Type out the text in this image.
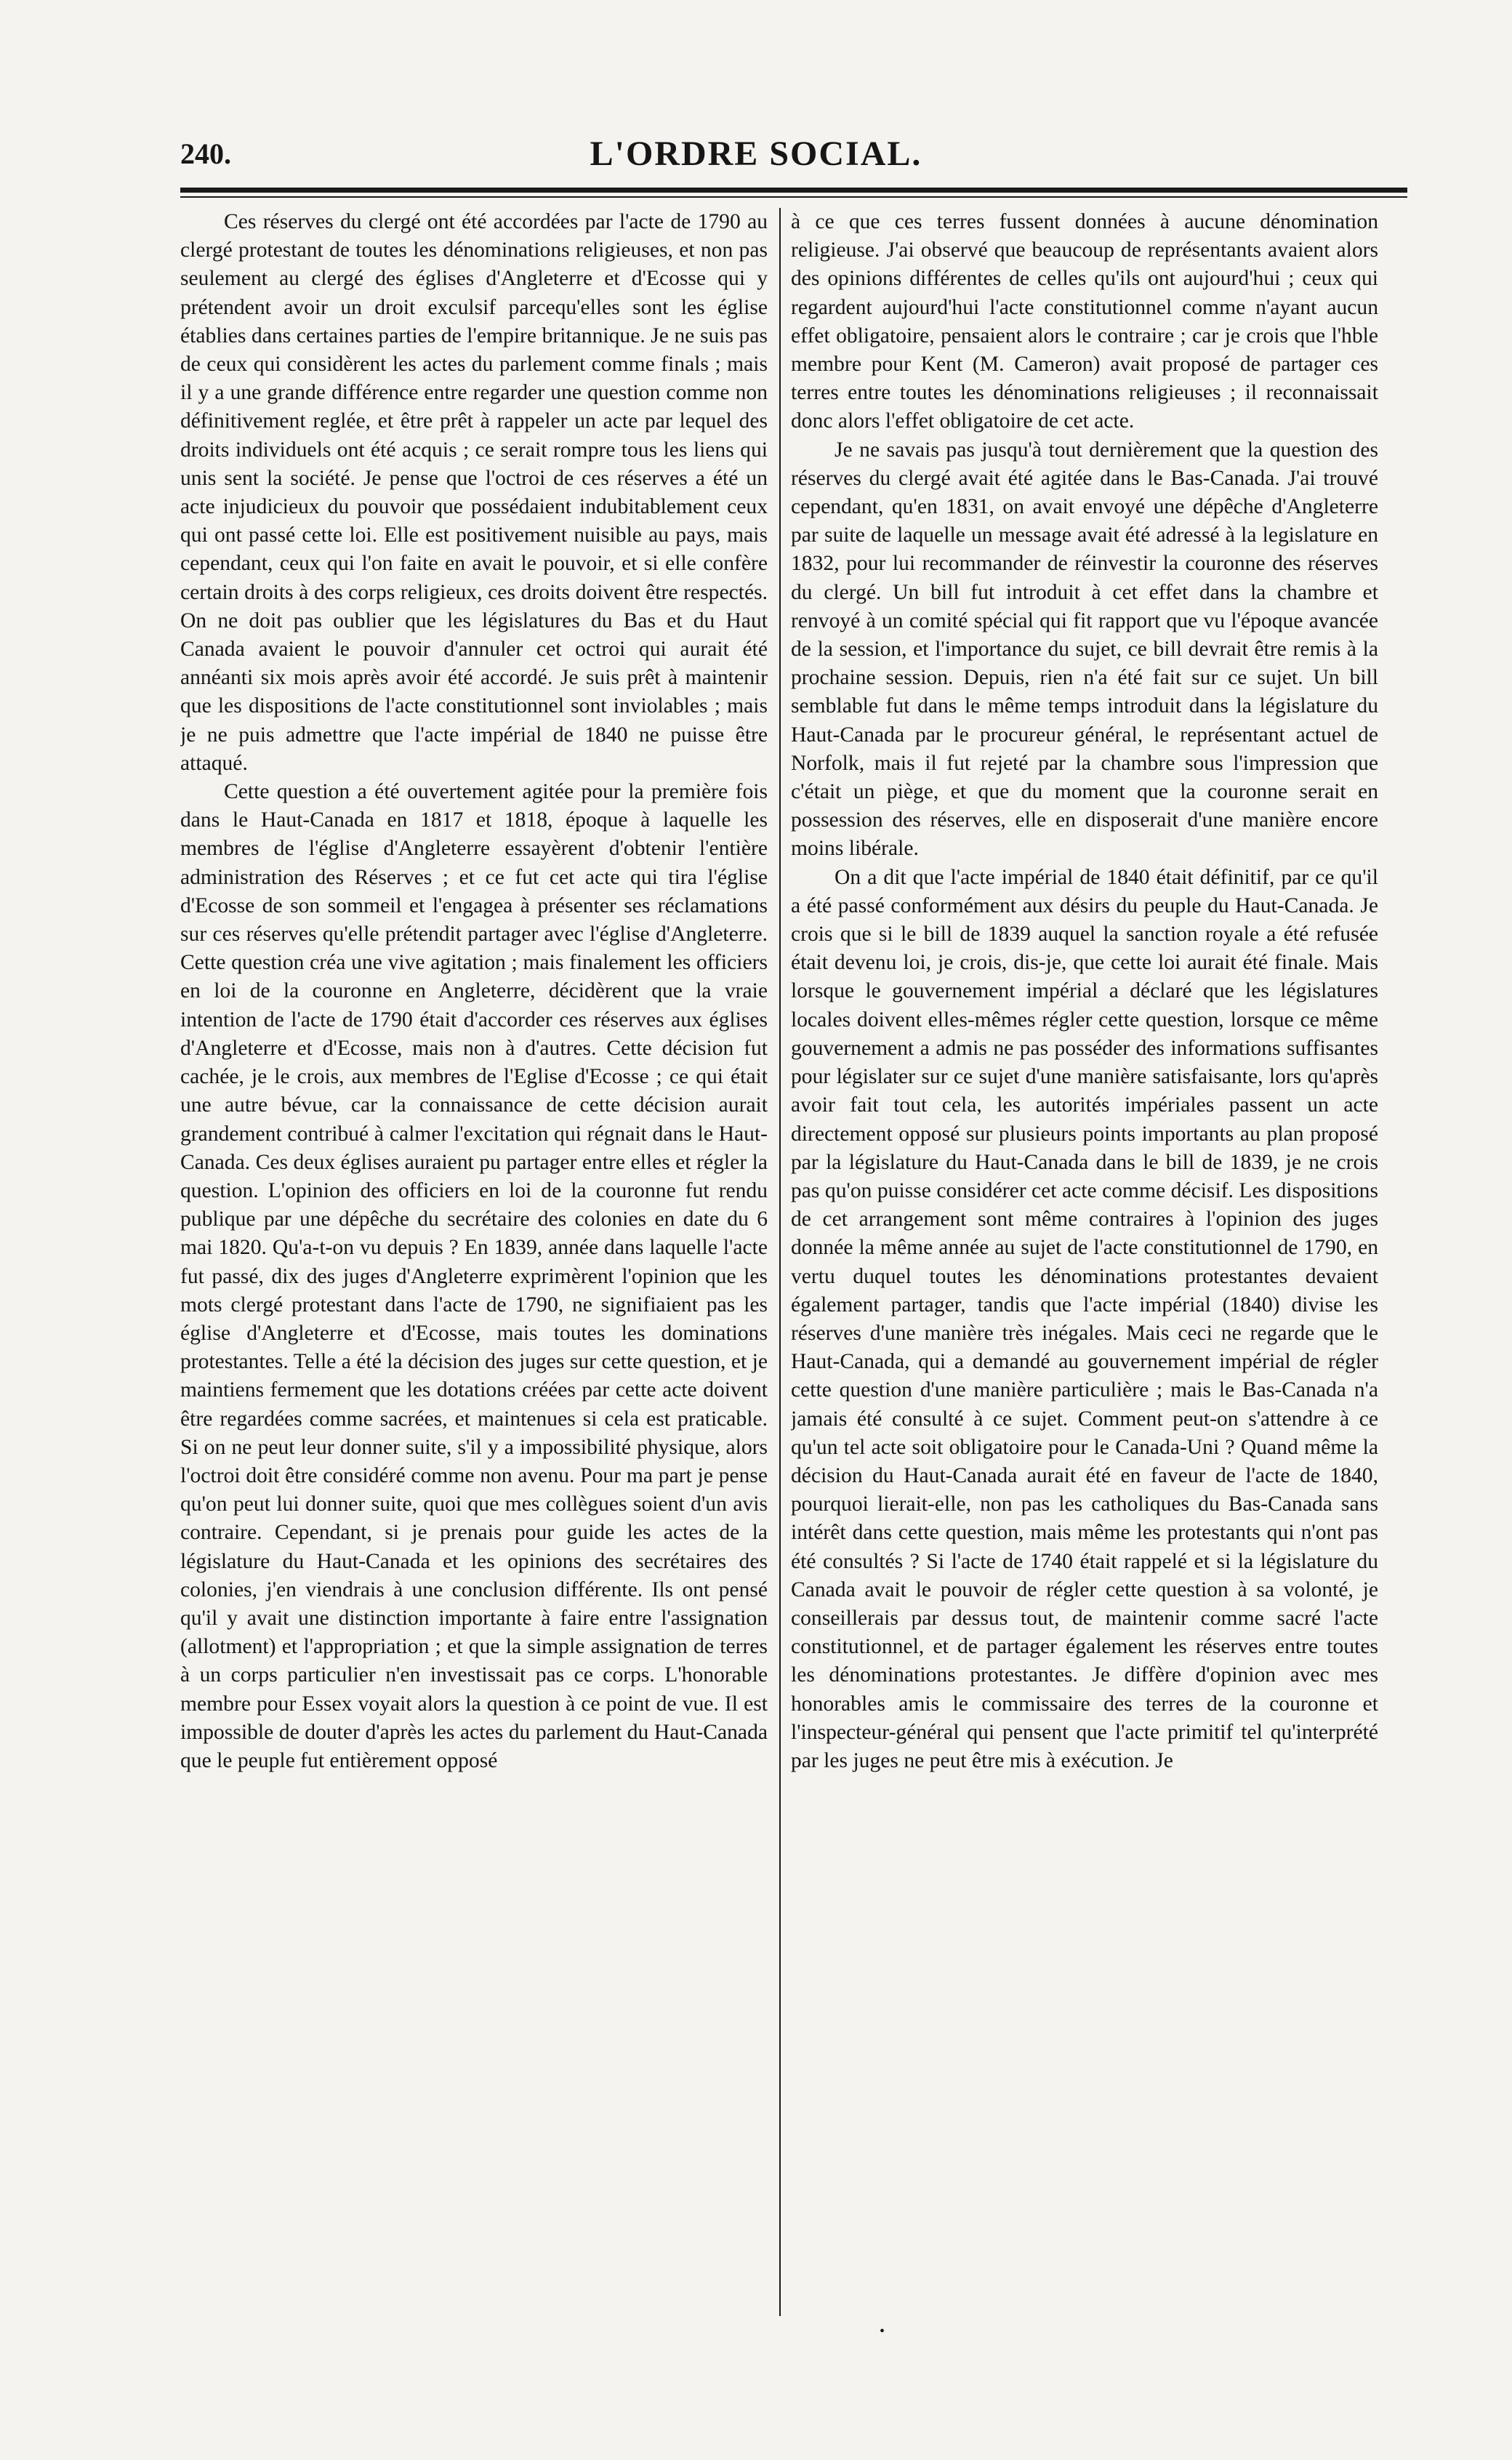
240.	L'ORDRE SOCIAL.

Ces réserves du clergé ont été accordées par l'acte de 1790 au clergé protestant de toutes les dénominations religieuses, et non pas seulement au clergé des églises d'Angleterre et d'Ecosse qui y prétendent avoir un droit exculsif parcequ'elles sont les église établies dans certaines parties de l'empire britannique. Je ne suis pas de ceux qui considèrent les actes du parlement comme finals ; mais il y a une grande différence entre regarder une question comme non définitivement reglée, et être prêt à rappeler un acte par lequel des droits individuels ont été acquis ; ce serait rompre tous les liens qui unis sent la société. Je pense que l'octroi de ces réserves a été un acte injudicieux du pouvoir que possédaient indubitablement ceux qui ont passé cette loi. Elle est positivement nuisible au pays, mais cependant, ceux qui l'on faite en avait le pouvoir, et si elle confère certain droits à des corps religieux, ces droits doivent être respectés. On ne doit pas oublier que les législatures du Bas et du Haut Canada avaient le pouvoir d'annuler cet octroi qui aurait été annéanti six mois après avoir été accordé. Je suis prêt à maintenir que les dispositions de l'acte constitutionnel sont inviolables ; mais je ne puis admettre que l'acte impérial de 1840 ne puisse être attaqué.

Cette question a été ouvertement agitée pour la première fois dans le Haut-Canada en 1817 et 1818, époque à laquelle les membres de l'église d'Angleterre essayèrent d'obtenir l'entière administration des Réserves ; et ce fut cet acte qui tira l'église d'Ecosse de son sommeil et l'engagea à présenter ses réclamations sur ces réserves qu'elle prétendit partager avec l'église d'Angleterre. Cette question créa une vive agitation ; mais finalement les officiers en loi de la couronne en Angleterre, décidèrent que la vraie intention de l'acte de 1790 était d'accorder ces réserves aux églises d'Angleterre et d'Ecosse, mais non à d'autres. Cette décision fut cachée, je le crois, aux membres de l'Eglise d'Ecosse ; ce qui était une autre bévue, car la connaissance de cette décision aurait grandement contribué à calmer l'excitation qui régnait dans le Haut-Canada. Ces deux églises auraient pu partager entre elles et régler la question. L'opinion des officiers en loi de la couronne fut rendu publique par une dépêche du secrétaire des colonies en date du 6 mai 1820. Qu'a-t-on vu depuis ? En 1839, année dans laquelle l'acte fut passé, dix des juges d'Angleterre exprimèrent l'opinion que les mots clergé protestant dans l'acte de 1790, ne signifiaient pas les église d'Angleterre et d'Ecosse, mais toutes les dominations protestantes. Telle a été la décision des juges sur cette question, et je maintiens fermement que les dotations créées par cette acte doivent être regardées comme sacrées, et maintenues si cela est praticable. Si on ne peut leur donner suite, s'il y a impossibilité physique, alors l'octroi doit être considéré comme non avenu. Pour ma part je pense qu'on peut lui donner suite, quoi que mes collègues soient d'un avis contraire. Cependant, si je prenais pour guide les actes de la législature du Haut-Canada et les opinions des secrétaires des colonies, j'en viendrais à une conclusion différente. Ils ont pensé qu'il y avait une distinction importante à faire entre l'assignation (allotment) et l'appropriation ; et que la simple assignation de terres à un corps particulier n'en investissait pas ce corps. L'honorable membre pour Essex voyait alors la question à ce point de vue. Il est impossible de douter d'après les actes du parlement du Haut-Canada que le peuple fut entièrement opposé

à ce que ces terres fussent données à aucune dénomination religieuse. J'ai observé que beaucoup de représentants avaient alors des opinions différentes de celles qu'ils ont aujourd'hui ; ceux qui regardent aujourd'hui l'acte constitutionnel comme n'ayant aucun effet obligatoire, pensaient alors le contraire ; car je crois que l'hble membre pour Kent (M. Cameron) avait proposé de partager ces terres entre toutes les dénominations religieuses ; il reconnaissait donc alors l'effet obligatoire de cet acte.

Je ne savais pas jusqu'à tout dernièrement que la question des réserves du clergé avait été agitée dans le Bas-Canada. J'ai trouvé cependant, qu'en 1831, on avait envoyé une dépêche d'Angleterre par suite de laquelle un message avait été adressé à la legislature en 1832, pour lui recommander de réinvestir la couronne des réserves du clergé. Un bill fut introduit à cet effet dans la chambre et renvoyé à un comité spécial qui fit rapport que vu l'époque avancée de la session, et l'importance du sujet, ce bill devrait être remis à la prochaine session. Depuis, rien n'a été fait sur ce sujet. Un bill semblable fut dans le même temps introduit dans la législature du Haut-Canada par le procureur général, le représentant actuel de Norfolk, mais il fut rejeté par la chambre sous l'impression que c'était un piège, et que du moment que la couronne serait en possession des réserves, elle en disposerait d'une manière encore moins libérale.

On a dit que l'acte impérial de 1840 était définitif, par ce qu'il a été passé conformément aux désirs du peuple du Haut-Canada. Je crois que si le bill de 1839 auquel la sanction royale a été refusée était devenu loi, je crois, dis-je, que cette loi aurait été finale. Mais lorsque le gouvernement impérial a déclaré que les législatures locales doivent elles-mêmes régler cette question, lorsque ce même gouvernement a admis ne pas posséder des informations suffisantes pour législater sur ce sujet d'une manière satisfaisante, lors qu'après avoir fait tout cela, les autorités impériales passent un acte directement opposé sur plusieurs points importants au plan proposé par la législature du Haut-Canada dans le bill de 1839, je ne crois pas qu'on puisse considérer cet acte comme décisif. Les dispositions de cet arrangement sont même contraires à l'opinion des juges donnée la même année au sujet de l'acte constitutionnel de 1790, en vertu duquel toutes les dénominations protestantes devaient également partager, tandis que l'acte impérial (1840) divise les réserves d'une manière très inégales. Mais ceci ne regarde que le Haut-Canada, qui a demandé au gouvernement impérial de régler cette question d'une manière particulière ; mais le Bas-Canada n'a jamais été consulté à ce sujet. Comment peut-on s'attendre à ce qu'un tel acte soit obligatoire pour le Canada-Uni ? Quand même la décision du Haut-Canada aurait été en faveur de l'acte de 1840, pourquoi lierait-elle, non pas les catholiques du Bas-Canada sans intérêt dans cette question, mais même les protestants qui n'ont pas été consultés ? Si l'acte de 1740 était rappelé et si la législature du Canada avait le pouvoir de régler cette question à sa volonté, je conseillerais par dessus tout, de maintenir comme sacré l'acte constitutionnel, et de partager également les réserves entre toutes les dénominations protestantes. Je diffère d'opinion avec mes honorables amis le commissaire des terres de la couronne et l'inspecteur-général qui pensent que l'acte primitif tel qu'interprété par les juges ne peut être mis à exécution. Je

•
